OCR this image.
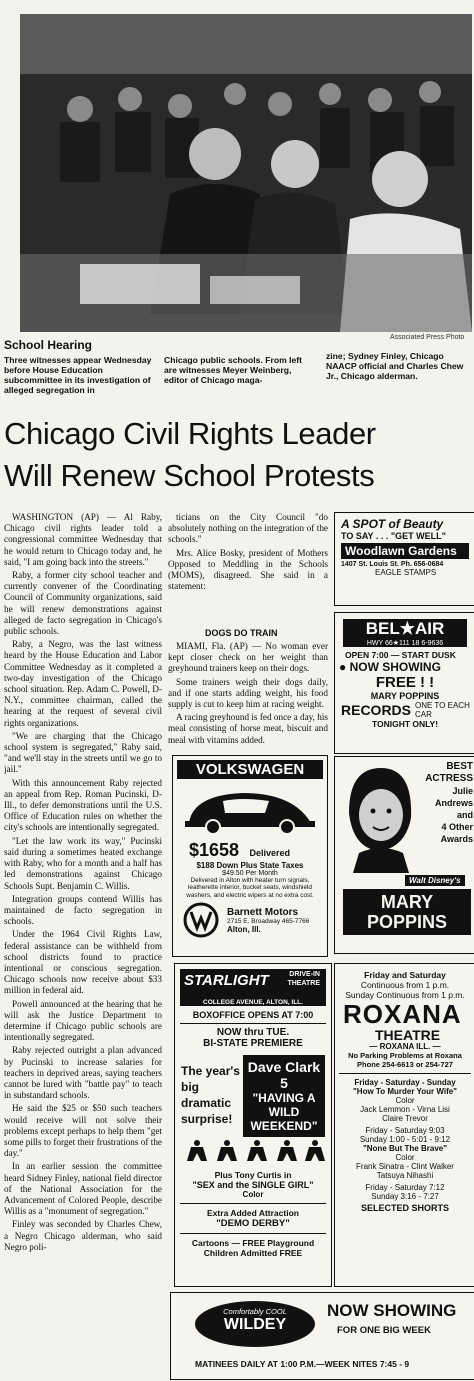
Associated Press Photo
School Hearing
Three witnesses appear Wednesday before House Education subcommittee in its investigation of alleged segregation in
Chicago public schools. From left are witnesses Meyer Weinberg, editor of Chicago maga-
zine; Sydney Finley, Chicago NAACP official and Charles Chew Jr., Chicago alderman.
Chicago Civil Rights Leader
Will Renew School Protests

WASHINGTON (AP) — Al Raby, Chicago civil rights leader told a congressional committee Wednesday that he would return to Chicago today and, he said, "I am going back into the streets."

Raby, a former city school teacher and currently convener of the Coordinating Council of Community organizations, said he will renew demonstrations against alleged de facto segregation in Chicago's public schools.

Raby, a Negro, was the last witness heard by the House Education and Labor Committee Wednesday as it completed a two-day investigation of the Chicago school situation. Rep. Adam C. Powell, D-N.Y., committee chairman, called the hearing at the request of several civil rights organizations.

"We are charging that the Chicago school system is segregated," Raby said, "and we'll stay in the streets until we go to jail."

With this announcement Raby rejected an appeal from Rep. Roman Pucinski, D-Ill., to defer demonstrations until the U.S. Office of Education rules on whether the city's schools are intentionally segregated.

"Let the law work its way," Pucinski said during a sometimes heated exchange with Raby, who for a month and a half has led demonstrations against Chicago Schools Supt. Benjamin C. Willis.

Integration groups contend Willis has maintained de facto segregation in schools.

Under the 1964 Civil Rights Law, federal assistance can be withheld from school districts found to practice intentional or conscious segregation. Chicago schools now receive about $33 million in federal aid.

Powell announced at the hearing that he will ask the Justice Department to determine if Chicago public schools are intentionally segregated.

Raby rejected outright a plan advanced by Pucinski to increase salaries for teachers in deprived areas, saying teachers cannot be lured with "battle pay" to teach in substandard schools.

He said the $25 or $50 such teachers would receive will not solve their problems except perhaps to help them "get some pills to forget their frustrations of the day."

In an earlier session the committee heard Sidney Finley, national field director of the National Association for the Advancement of Colored People, describe Willis as a "monument of segregation."

Finley was seconded by Charles Chew, a Negro Chicago alderman, who said Negro poli-

ticians on the City Council "do absolutely nothing on the integration of the schools."

Mrs. Alice Bosky, president of Mothers Opposed to Meddling in the Schools (MOMS), disagreed. She said in a statement:

DOGS DO TRAIN

MIAMI, Fla. (AP) — No woman ever kept closer check on her weight than greyhound trainers keep on their dogs.

Some trainers weigh their dogs daily, and if one starts adding weight, his food supply is cut to keep him at racing weight.

A racing greyhound is fed once a day, his meal consisting of horse meat, biscuit and meal with vitamins added.

VOLKSWAGEN
$1658 Delivered
$188 Down Plus State Taxes
$49.50 Per Month
Delivered in Alton with heater turn signals, leatherette interior, bucket seats, windshield washers, and electric wipers at no extra cost.
Barnett Motors
2715 E. Broadway 465-7766
Alton, Ill.
STARLIGHT	DRIVE-IN
THEATRE
COLLEGE AVENUE, ALTON, ILL.
BOXOFFICE OPENS AT 7:00
NOW thru TUE.
BI-STATE PREMIERE
The year's big dramatic surprise!
Dave Clark 5
"HAVING A WILD WEEKEND"
Plus Tony Curtis in
"SEX and the SINGLE GIRL"
Color
Extra Added Attraction
"DEMO DERBY"
Cartoons — FREE Playground
Children Admitted FREE
A SPOT of Beauty
TO SAY . . . "GET WELL"
Woodlawn Gardens
1407 St. Louis St. Ph. 656-0684
EAGLE STAMPS
BEL★AIR
HWY 66★111 18 6-9636
OPEN 7:00 — START DUSK
● NOW SHOWING
FREE ! !
MARY POPPINS
RECORDS ONE TO EACH CAR
TONIGHT ONLY!
BEST
ACTRESS
Julie
Andrews
and
4 Other
Awards
Walt Disney's
MARY
POPPINS
Friday and Saturday
Continuous from 1 p.m.
Sunday Continuous from 1 p.m.
ROXANA
THEATRE
— ROXANA ILL. —
No Parking Problems at Roxana
Phone 254-6613 or 254-727
Friday - Saturday - Sunday
"How To Murder Your Wife"
Color
Jack Lemmon - Virna Lisi
Claire Trevor
Friday - Saturday 9:03
Sunday 1:00 - 5:01 - 9:12
"None But The Brave"
Color
Frank Sinatra - Clint Walker
Tatsuya Nihashi
Friday - Saturday 7:12
Sunday 3:16 - 7:27
SELECTED SHORTS
Comfortably COOL
WILDEY
NOW SHOWING
FOR ONE BIG WEEK
MATINEES DAILY AT 1:00 P.M.—WEEK NITES 7:45 - 9
